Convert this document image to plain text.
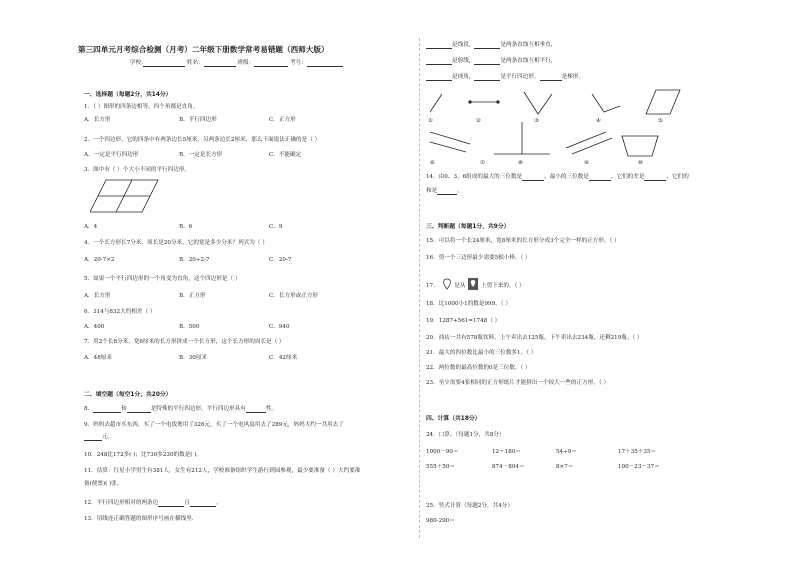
第三四单元月考综合检测（月考）二年级下册数学常考易错题（西师大版）
学校:	姓名：	班级：	考号：
一、选择题（每题2分，共14分）
1．（ ）图形的四条边相等，四个角都是直角。
A．长方形	B．平行四边形	C．正方形
2．一个四边形，它的四条中有两条边长5厘米，另两条边长2厘米，那么下面说法正确的是（ ）
A．一定是平行四边形	B．一定是长方形	C．不能确定
3．图中有（ ）个大小不同的平行四边形。
A．4	B．6	C．9
4．一个长方形长7分米，周长是20分米，它的宽是多少分米？列式为（ ）
A．20-7×2	B．20÷2-7	C．20-7
5．如果一个平行四边形的一个角变为直角，这个四边形是（ ）
A．长方形	B．正方形	C．长方形或正方形
6．314与832大约相差（ ）
A．400	B．500	C．940
7．用2个长8分米、宽6厘米的长方形拼成一个长方形，这个长方形的周长是（ ）
A．48厘米	B．30厘米	C．42厘米
二、填空题（每空1分，共20分）
8．	和	是特殊的平行四边形，平行四边形具有	性。
9．妈妈去超市买东西，买了一个电饭煲用了326元，买了一个电风扇用去了289元，妈妈大约一共用去了
元。
10．248比172多( )；比730多230的数是( )。
11．估算：红星小学男生有381人，女生有212人，学校准备组织学生游行到园参观，最少要准备（ ）大约要准
备(便票)( )张。
12．平行四边形相对的两条边	且	。
13．用线连正确答题的图形序号画在横线里.
是线段，	是两条直线互相垂直，
是射线，	是两条直线互相平行，
是钝角，	是平行四边形，	是梯形。
①	②	③	④	⑤
⑥	⑦	⑧	⑨	⑩
14．由0、3、6组成的最大的三位数是	，最小的三位数是	，它们的差是	，它们的
和是	。
三、判断题（每题1分，共9分）
15．可以将一个长24厘米，宽8厘米的长方形分成3个完全一样的正方形。（ ）
16．剪一个三边形最少需要5根小棒。（ ）
17．	是从	上剪下来的。（ ）
18．比1000小1的数是999。（ ）
19．1287+561=1748（ ）
20．商店一共有578瓶饮料，上午卖出去125瓶，下午卖出去234瓶，还剩219瓶。（ ）
21．最大的四位数比最小的三位数多1。（ ）
22．两位数的最高位数的0是三位数。（ ）
23．至少需要4张相同的正方形纸片才能拼出一个较大一些的正方形。（ ）
四、计算（共18分）
24．口算。（每题1分，共8分）
1000－90＝	12＋180＝	54÷9＝	17＋35＋35＝
555＋50＝	874－804＝	8×7＝	100－23－37＝
25．竖式计算（每题2分，共4分）
980-290＝
